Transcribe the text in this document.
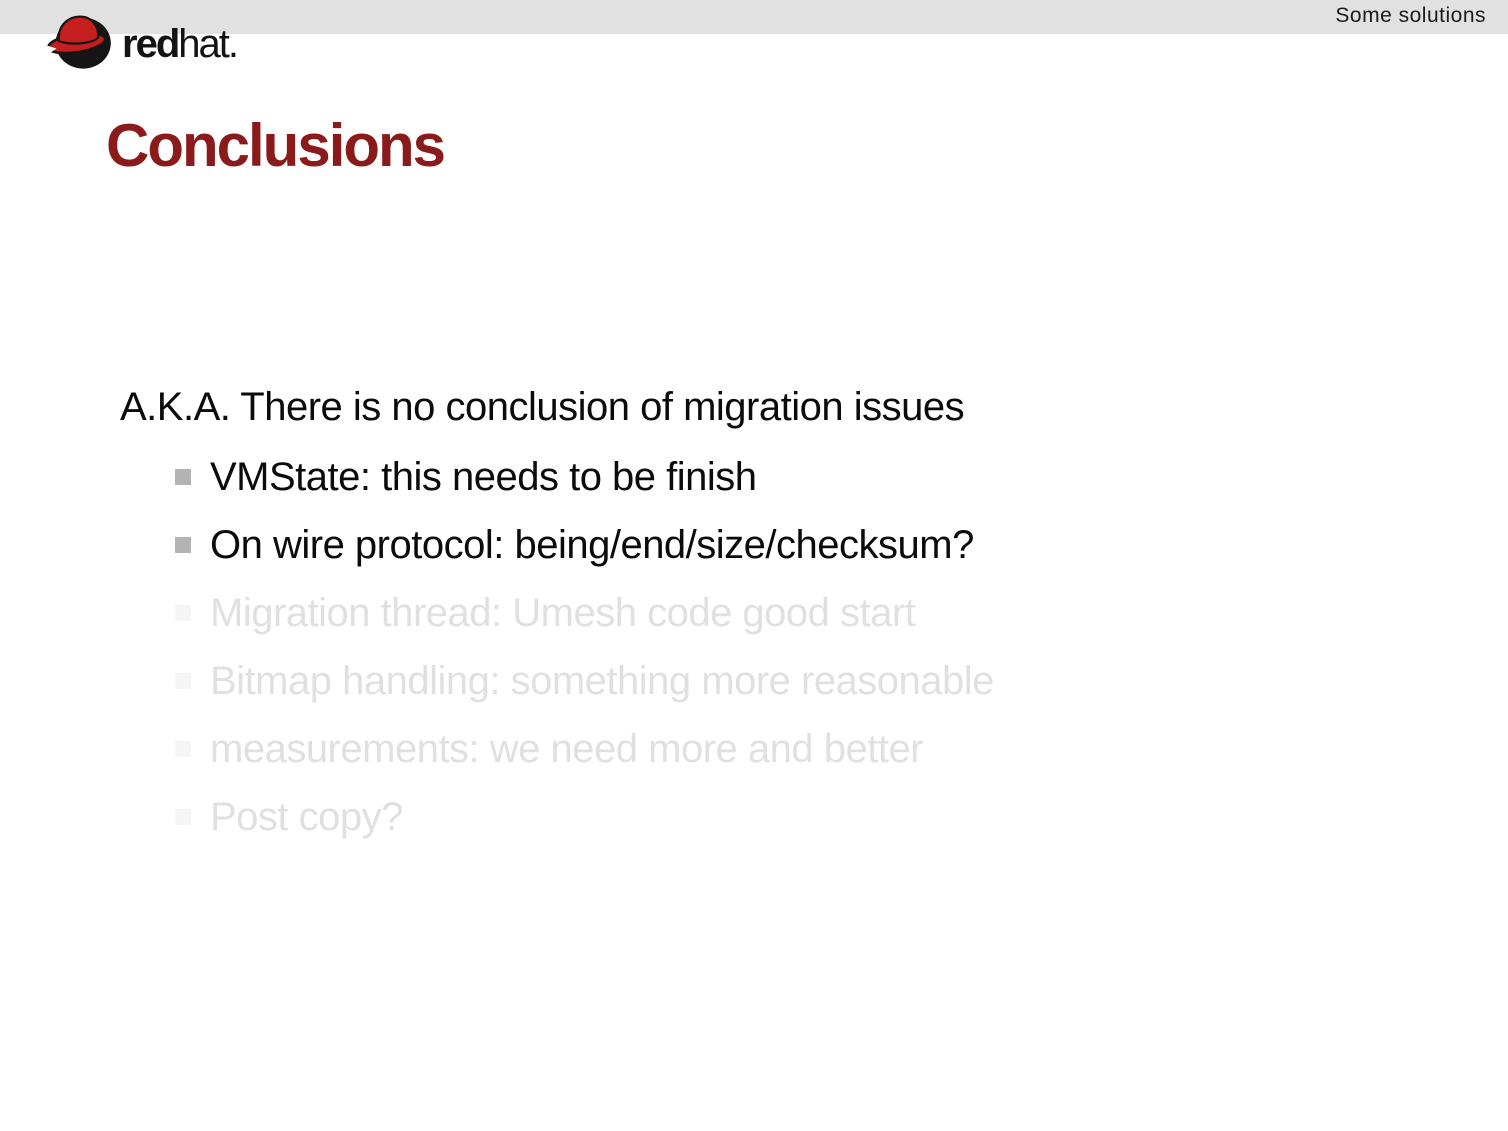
Some solutions
redhat.
Conclusions
A.K.A. There is no conclusion of migration issues
VMState: this needs to be finish
On wire protocol: being/end/size/checksum?
Migration thread: Umesh code good start
Bitmap handling: something more reasonable
measurements: we need more and better
Post copy?
